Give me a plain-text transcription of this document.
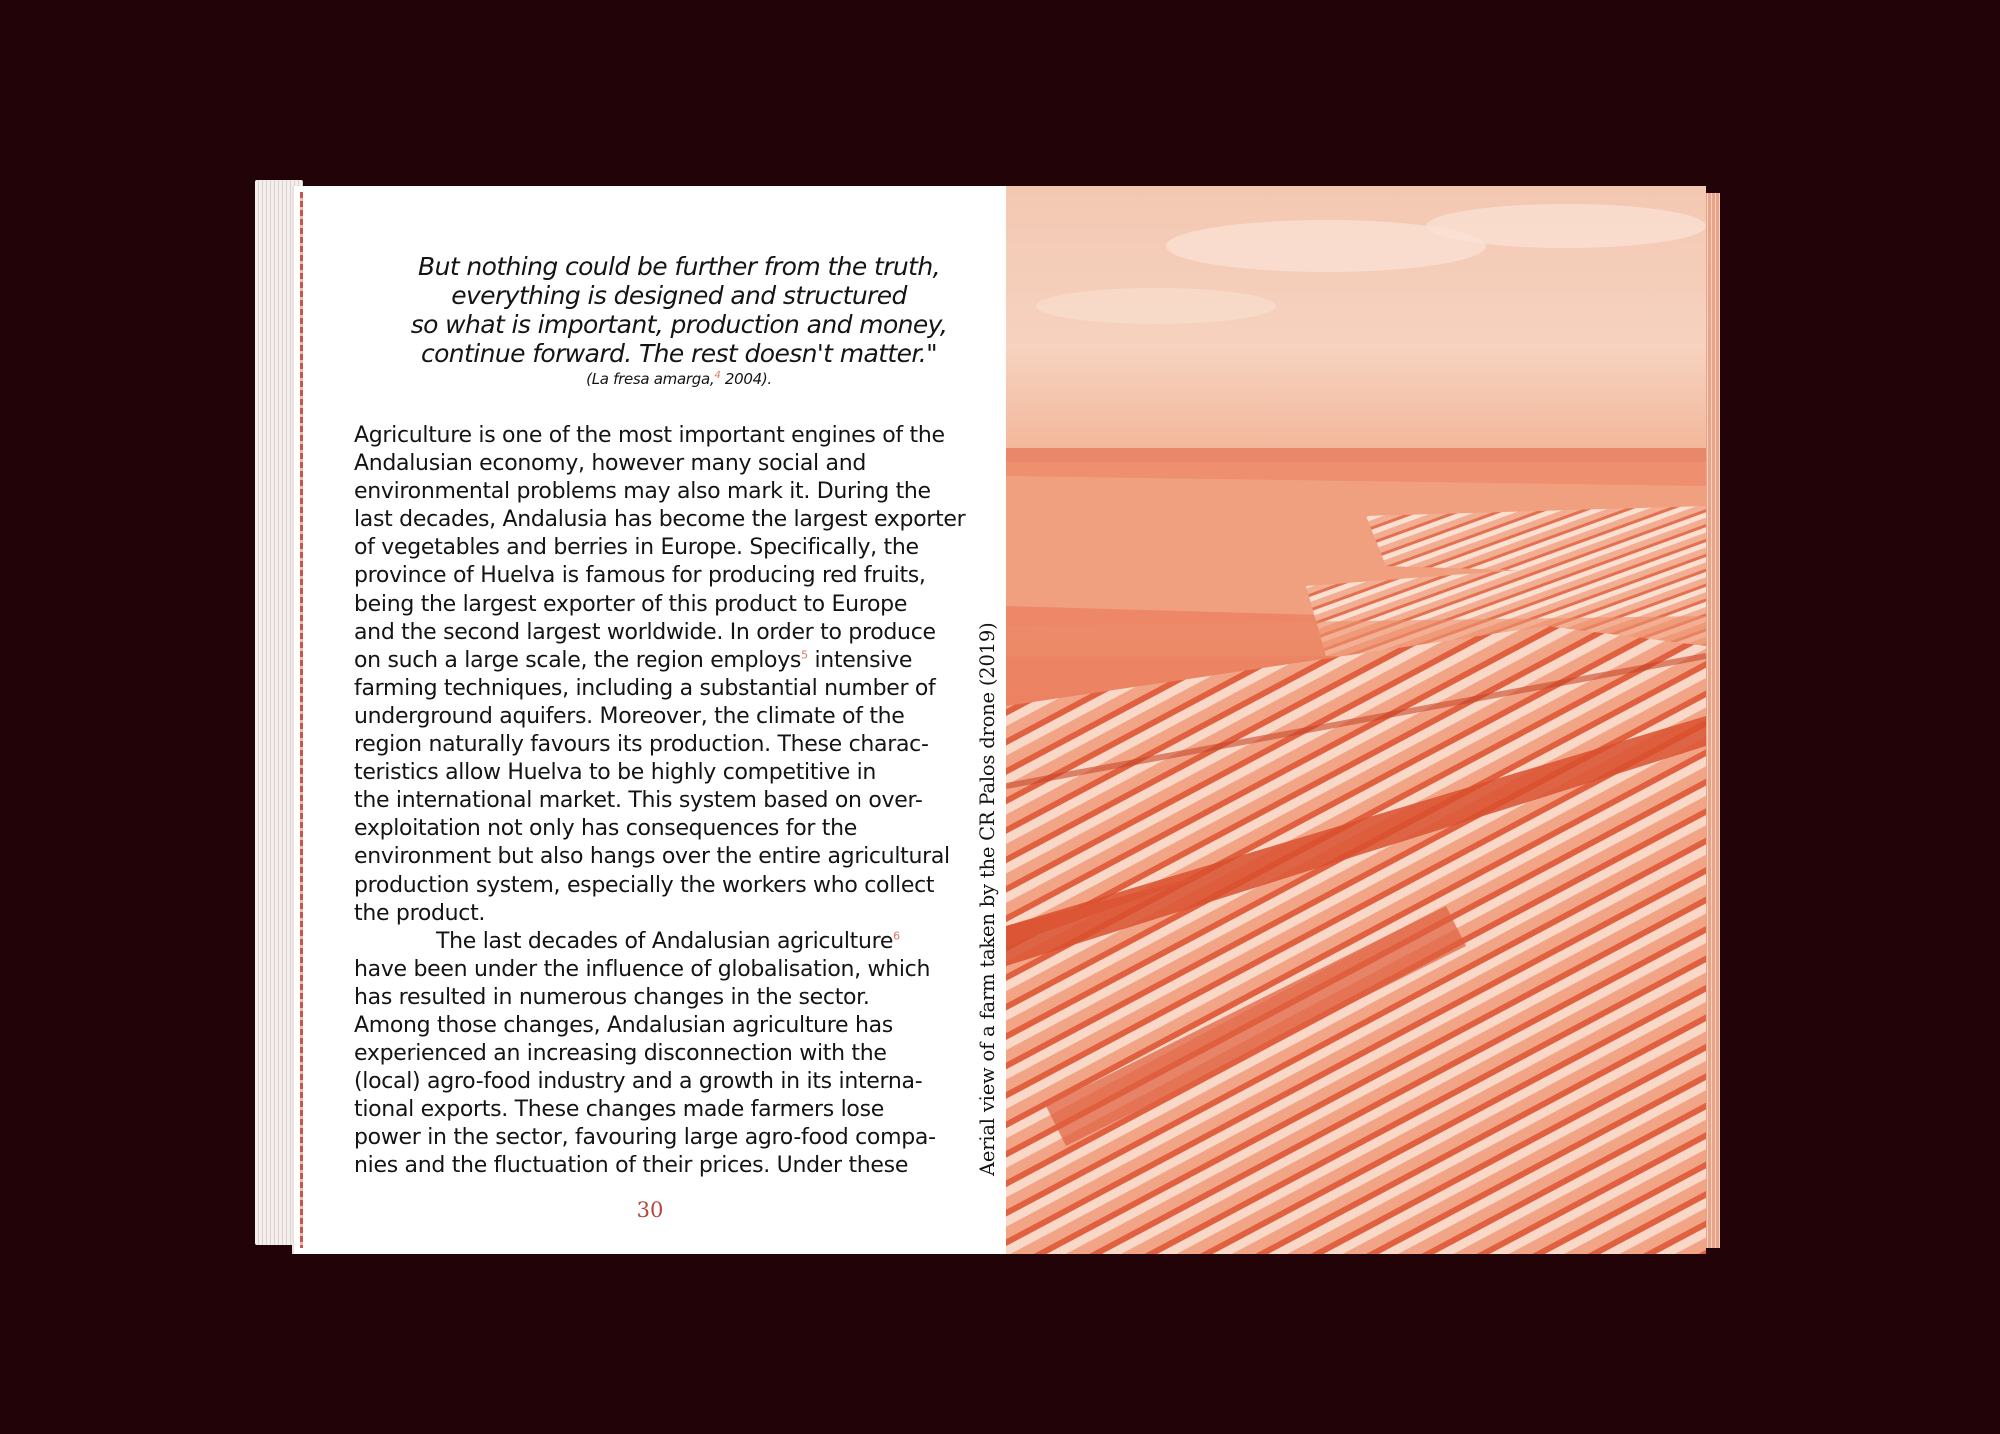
But nothing could be further from the truth,
everything is designed and structured
so what is important, production and money,
continue forward. The rest doesn't matter."
(La fresa amarga,$^4$ 2004).
Agriculture is one of the most important engines of the
Andalusian economy, however many social and
environmental problems may also mark it. During the
last decades, Andalusia has become the largest exporter
of vegetables and berries in Europe. Specifically, the
province of Huelva is famous for producing red fruits,
being the largest exporter of this product to Europe
and the second largest worldwide. In order to produce
on such a large scale, the region employs$^5$ intensive
farming techniques, including a substantial number of
underground aquifers. Moreover, the climate of the
region naturally favours its production. These charac-
teristics allow Huelva to be highly competitive in
the international market. This system based on over-
exploitation not only has consequences for the
environment but also hangs over the entire agricultural
production system, especially the workers who collect
the product.
The last decades of Andalusian agriculture$^6$
have been under the influence of globalisation, which
has resulted in numerous changes in the sector.
Among those changes, Andalusian agriculture has
experienced an increasing disconnection with the
(local) agro-food industry and a growth in its interna-
tional exports. These changes made farmers lose
power in the sector, favouring large agro-food compa-
nies and the fluctuation of their prices. Under these
30
Aerial view of a farm taken by the CR Palos drone (2019)
